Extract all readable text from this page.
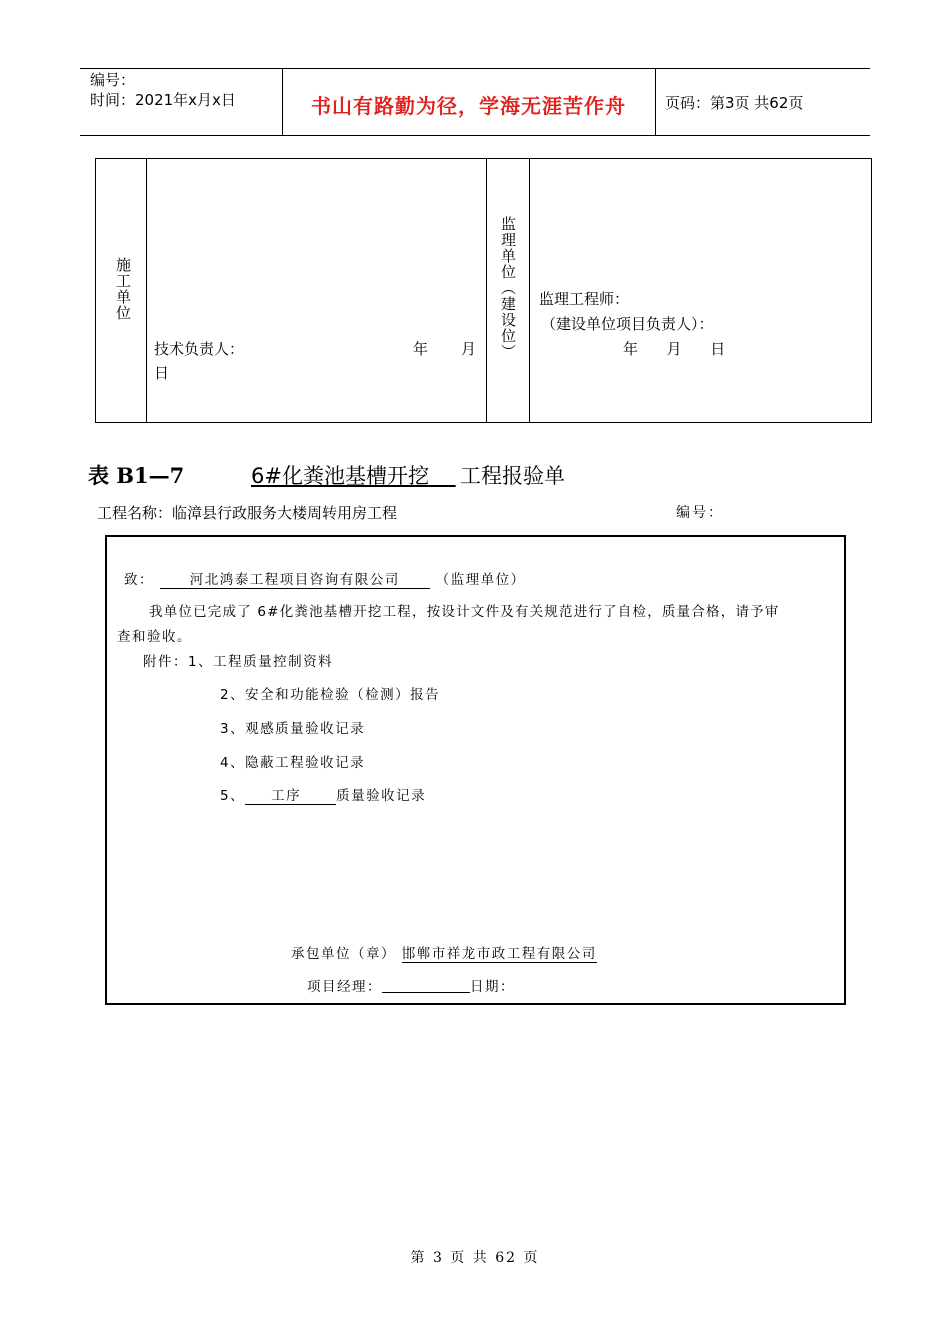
编号：
时间：2021年x月x日	书山有路勤为径，学海无涯苦作舟	页码：第3页 共62页
施工单位
技术负责人：	年 月
日
监理单位（建设位） 监理工程师：
（建设单位项目负责人）：
年      月      日
表 B1—7	6#化粪池基槽开挖	工程报验单
工程名称：临漳县行政服务大楼周转用房工程	编号：
致：	河北鸿泰工程项目咨询有限公司	（监理单位）
我单位已完成了 6#化粪池基槽开挖工程，按设计文件及有关规范进行了自检，质量合格，请予审
查和验收。
附件：1、工程质量控制资料
2、安全和功能检验（检测）报告
3、观感质量验收记录
4、隐蔽工程验收记录
5、 工序	质量验收记录
承包单位（章） 邯郸市祥龙市政工程有限公司
项目经理：	日期：
第 3 页 共 62 页
